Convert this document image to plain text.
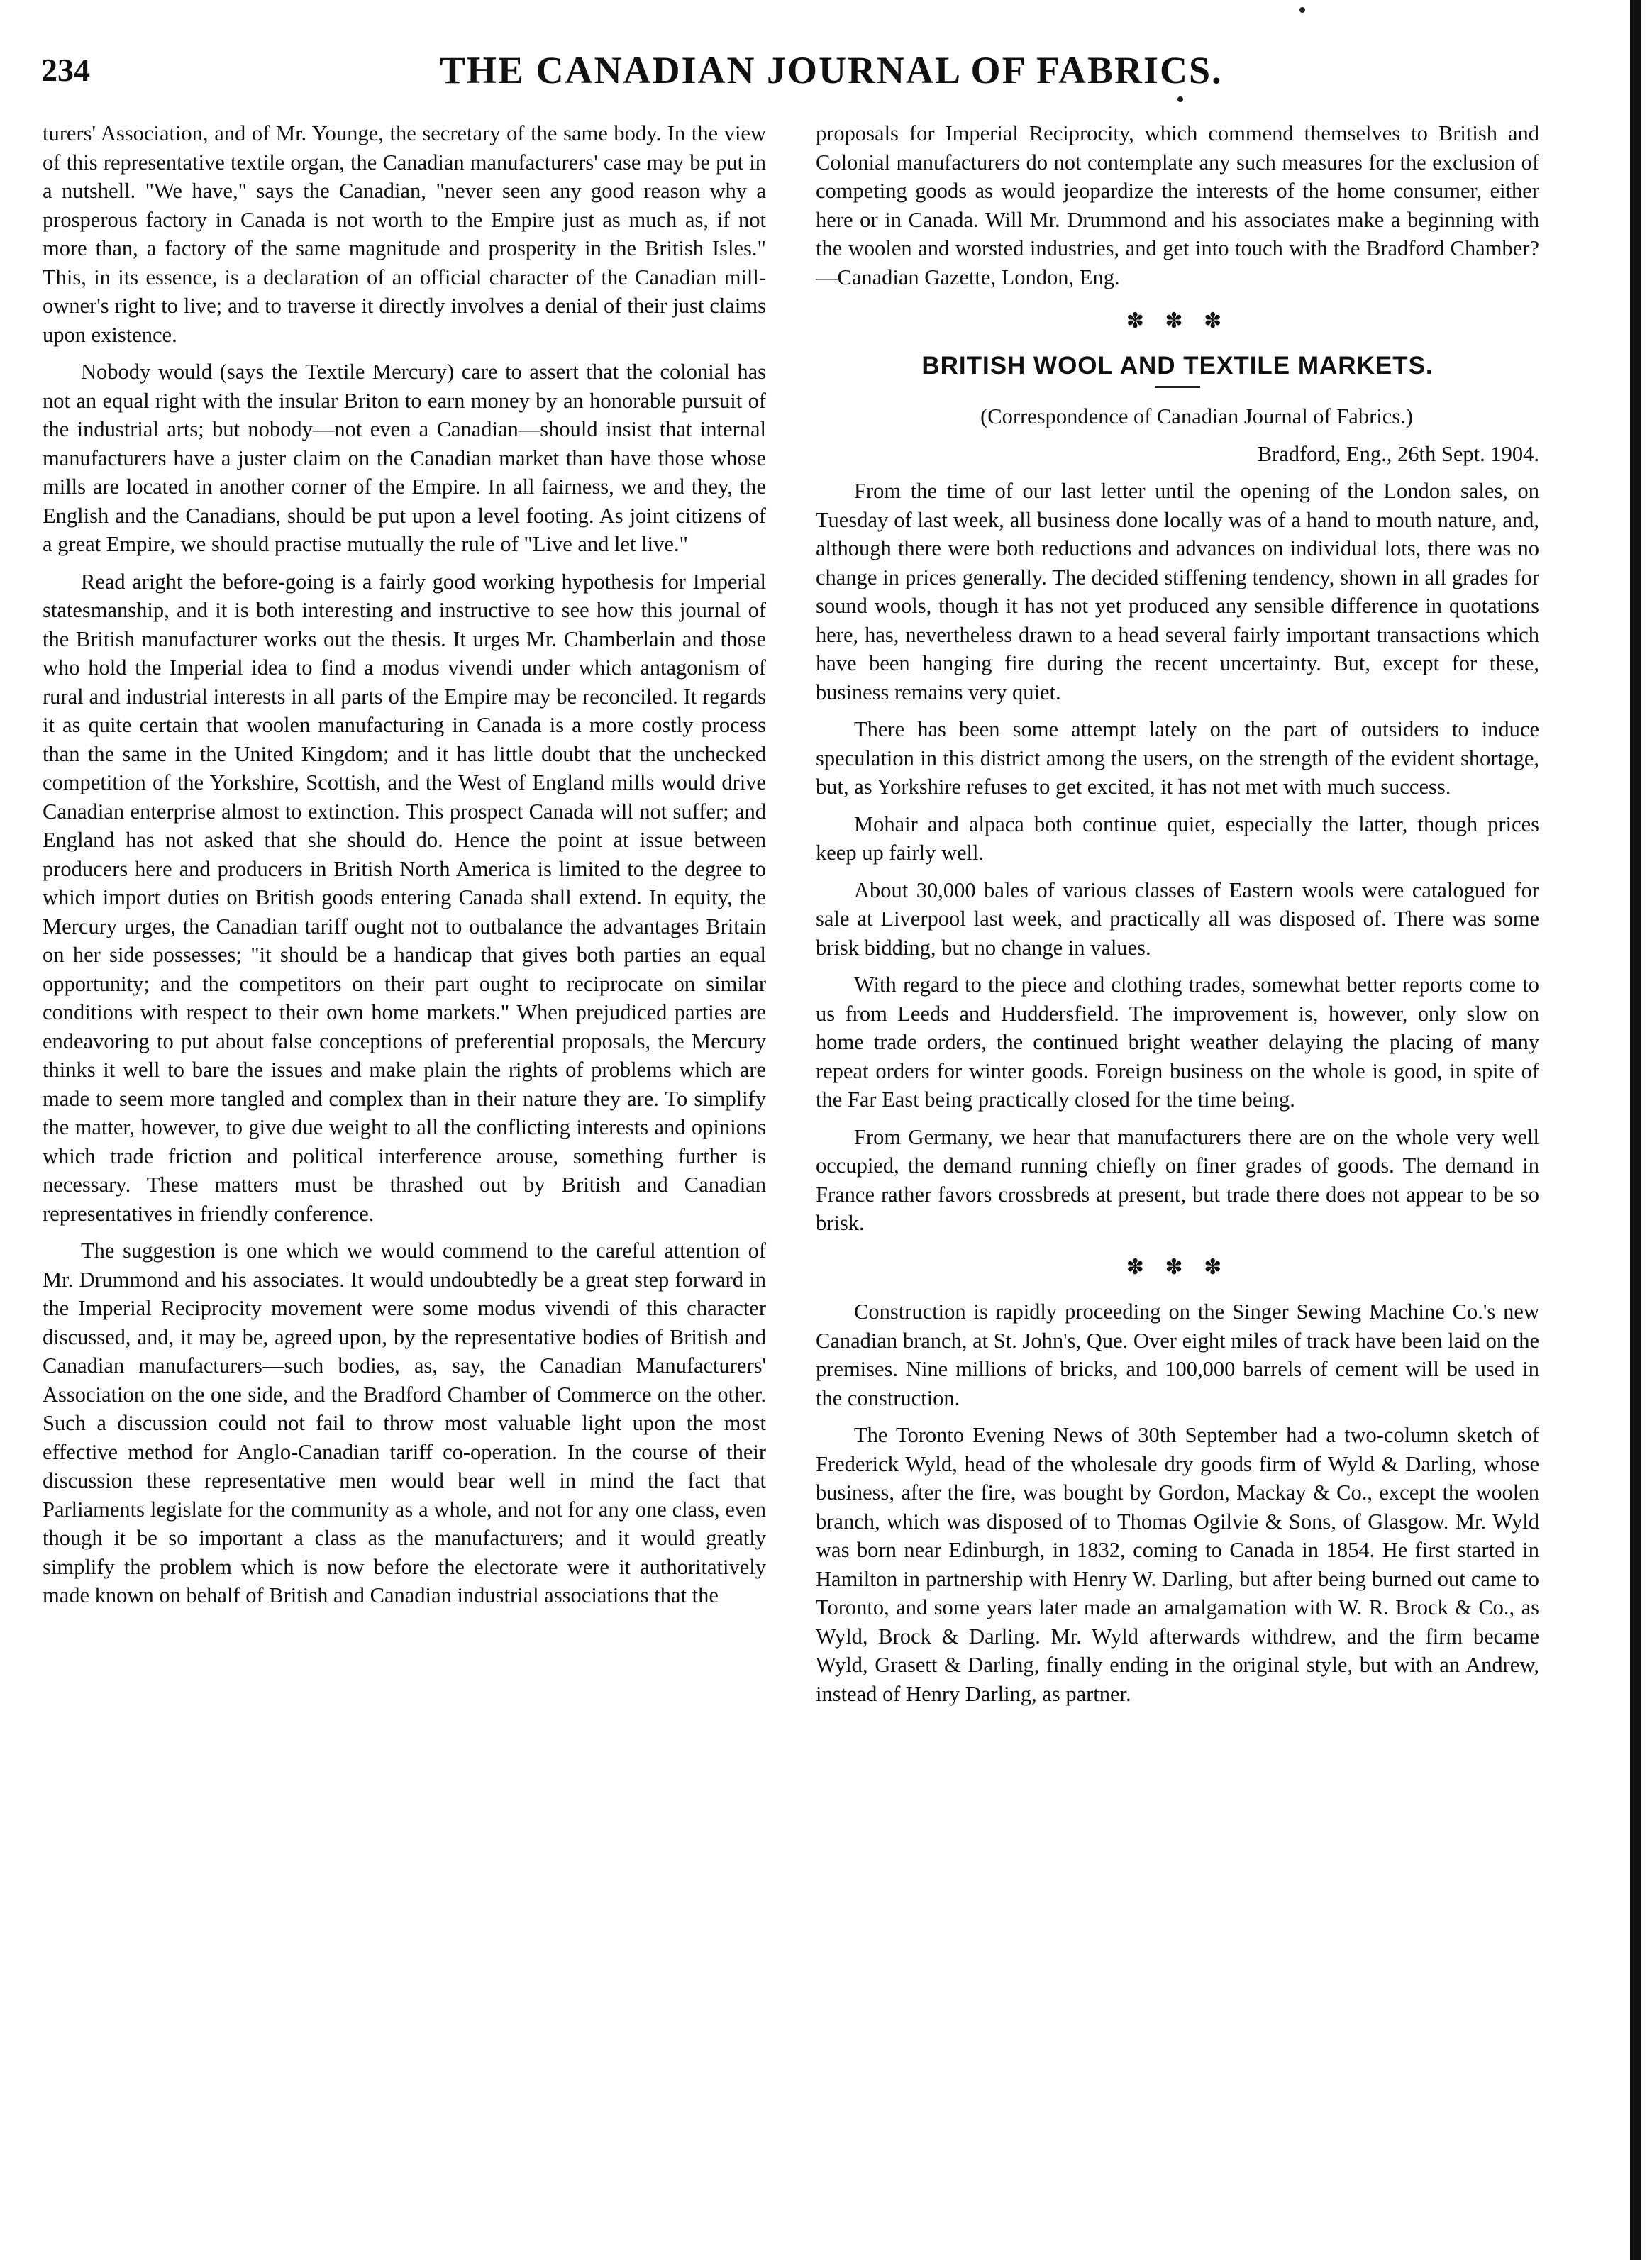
234	THE CANADIAN JOURNAL OF FABRICS.

turers' Association, and of Mr. Younge, the secretary of the same body. In the view of this representative textile organ, the Canadian manufacturers' case may be put in a nutshell. "We have," says the Canadian, "never seen any good reason why a prosperous factory in Canada is not worth to the Empire just as much as, if not more than, a factory of the same magnitude and prosperity in the British Isles." This, in its essence, is a declaration of an official character of the Canadian mill-owner's right to live; and to traverse it directly involves a denial of their just claims upon existence.

Nobody would (says the Textile Mercury) care to assert that the colonial has not an equal right with the insular Briton to earn money by an honorable pursuit of the industrial arts; but nobody—not even a Canadian—should insist that internal manufacturers have a juster claim on the Canadian market than have those whose mills are located in another corner of the Empire. In all fairness, we and they, the English and the Canadians, should be put upon a level footing. As joint citizens of a great Empire, we should practise mutually the rule of "Live and let live."

Read aright the before-going is a fairly good working hypothesis for Imperial statesmanship, and it is both interesting and instructive to see how this journal of the British manufacturer works out the thesis. It urges Mr. Chamberlain and those who hold the Imperial idea to find a modus vivendi under which antagonism of rural and industrial interests in all parts of the Empire may be reconciled. It regards it as quite certain that woolen manufacturing in Canada is a more costly process than the same in the United Kingdom; and it has little doubt that the unchecked competition of the Yorkshire, Scottish, and the West of England mills would drive Canadian enterprise almost to extinction. This prospect Canada will not suffer; and England has not asked that she should do. Hence the point at issue between producers here and producers in British North America is limited to the degree to which import duties on British goods entering Canada shall extend. In equity, the Mercury urges, the Canadian tariff ought not to outbalance the advantages Britain on her side possesses; "it should be a handicap that gives both parties an equal opportunity; and the competitors on their part ought to reciprocate on similar conditions with respect to their own home markets." When prejudiced parties are endeavoring to put about false conceptions of preferential proposals, the Mercury thinks it well to bare the issues and make plain the rights of problems which are made to seem more tangled and complex than in their nature they are. To simplify the matter, however, to give due weight to all the conflicting interests and opinions which trade friction and political interference arouse, something further is necessary. These matters must be thrashed out by British and Canadian representatives in friendly conference.

The suggestion is one which we would commend to the careful attention of Mr. Drummond and his associates. It would undoubtedly be a great step forward in the Imperial Reciprocity movement were some modus vivendi of this character discussed, and, it may be, agreed upon, by the representative bodies of British and Canadian manufacturers—such bodies, as, say, the Canadian Manufacturers' Association on the one side, and the Bradford Chamber of Commerce on the other. Such a discussion could not fail to throw most valuable light upon the most effective method for Anglo-Canadian tariff co-operation. In the course of their discussion these representative men would bear well in mind the fact that Parliaments legislate for the community as a whole, and not for any one class, even though it be so important a class as the manufacturers; and it would greatly simplify the problem which is now before the electorate were it authoritatively made known on behalf of British and Canadian industrial associations that the

proposals for Imperial Reciprocity, which commend themselves to British and Colonial manufacturers do not contemplate any such measures for the exclusion of competing goods as would jeopardize the interests of the home consumer, either here or in Canada. Will Mr. Drummond and his associates make a beginning with the woolen and worsted industries, and get into touch with the Bradford Chamber?—Canadian Gazette, London, Eng.

✽ ✽ ✽
BRITISH WOOL AND TEXTILE MARKETS.

(Correspondence of Canadian Journal of Fabrics.)

Bradford, Eng., 26th Sept. 1904.

From the time of our last letter until the opening of the London sales, on Tuesday of last week, all business done locally was of a hand to mouth nature, and, although there were both reductions and advances on individual lots, there was no change in prices generally. The decided stiffening tendency, shown in all grades for sound wools, though it has not yet produced any sensible difference in quotations here, has, nevertheless drawn to a head several fairly important transactions which have been hanging fire during the recent uncertainty. But, except for these, business remains very quiet.

There has been some attempt lately on the part of outsiders to induce speculation in this district among the users, on the strength of the evident shortage, but, as Yorkshire refuses to get excited, it has not met with much success.

Mohair and alpaca both continue quiet, especially the latter, though prices keep up fairly well.

About 30,000 bales of various classes of Eastern wools were catalogued for sale at Liverpool last week, and practically all was disposed of. There was some brisk bidding, but no change in values.

With regard to the piece and clothing trades, somewhat better reports come to us from Leeds and Huddersfield. The improvement is, however, only slow on home trade orders, the continued bright weather delaying the placing of many repeat orders for winter goods. Foreign business on the whole is good, in spite of the Far East being practically closed for the time being.

From Germany, we hear that manufacturers there are on the whole very well occupied, the demand running chiefly on finer grades of goods. The demand in France rather favors crossbreds at present, but trade there does not appear to be so brisk.

✽ ✽ ✽

Construction is rapidly proceeding on the Singer Sewing Machine Co.'s new Canadian branch, at St. John's, Que. Over eight miles of track have been laid on the premises. Nine millions of bricks, and 100,000 barrels of cement will be used in the construction.

The Toronto Evening News of 30th September had a two-column sketch of Frederick Wyld, head of the wholesale dry goods firm of Wyld & Darling, whose business, after the fire, was bought by Gordon, Mackay & Co., except the woolen branch, which was disposed of to Thomas Ogilvie & Sons, of Glasgow. Mr. Wyld was born near Edinburgh, in 1832, coming to Canada in 1854. He first started in Hamilton in partnership with Henry W. Darling, but after being burned out came to Toronto, and some years later made an amalgamation with W. R. Brock & Co., as Wyld, Brock & Darling. Mr. Wyld afterwards withdrew, and the firm became Wyld, Grasett & Darling, finally ending in the original style, but with an Andrew, instead of Henry Darling, as partner.
